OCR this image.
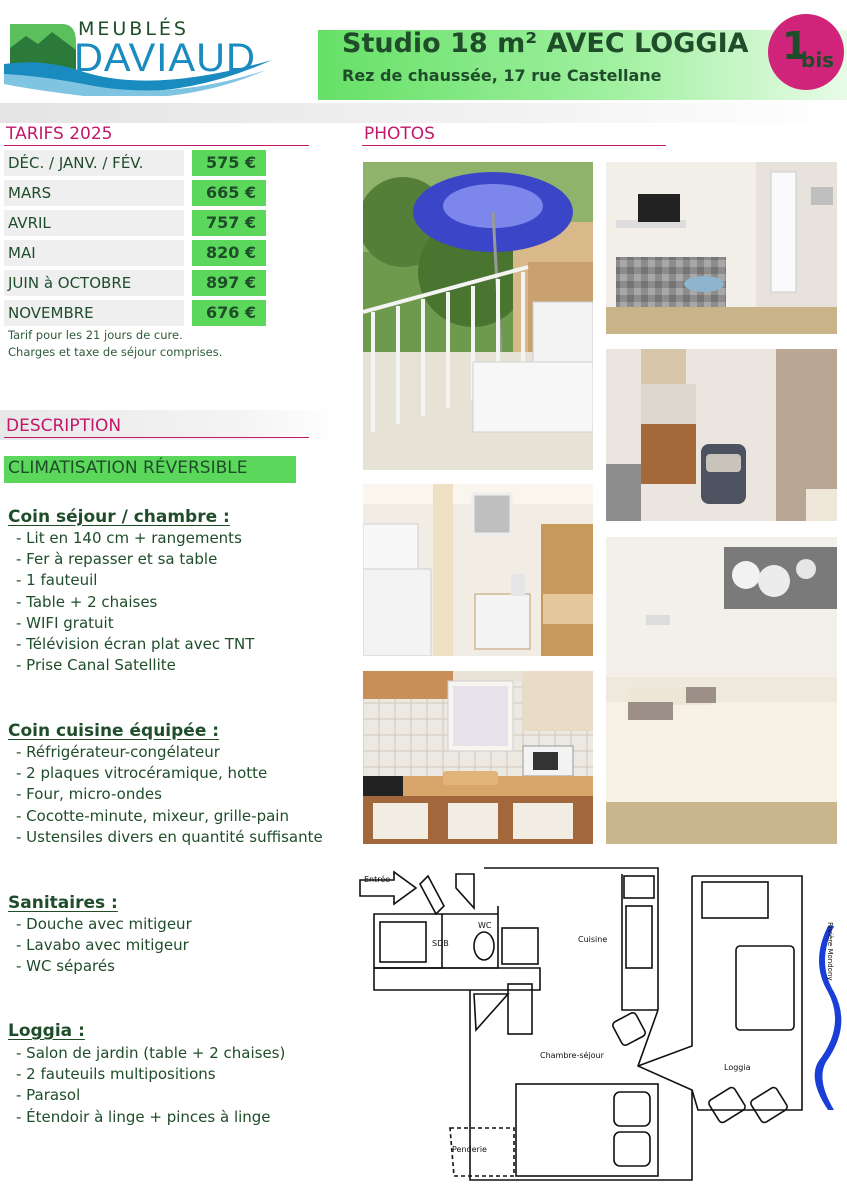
MEUBLÉS
DAVIAUD	Studio 18 m² AVEC LOGGIA
Rez de chaussée, 17 rue Castellane
1
bis
TARIFS 2025
DÉC. / JANV. / FÉV.	575 €
MARS	665 €
AVRIL	757 €
MAI	820 €
JUIN à OCTOBRE	897 €
NOVEMBRE	676 €
Tarif pour les 21 jours de cure.
Charges et taxe de séjour comprises.
DESCRIPTION
CLIMATISATION RÉVERSIBLE
Coin séjour / chambre :
- Lit en 140 cm + rangements
- Fer à repasser et sa table
- 1 fauteuil
- Table + 2 chaises
- WIFI gratuit
- Télévision écran plat avec TNT
- Prise Canal Satellite
Coin cuisine équipée :
- Réfrigérateur-congélateur
- 2 plaques vitrocéramique, hotte
- Four, micro-ondes
- Cocotte-minute, mixeur, grille-pain
- Ustensiles divers en quantité suffisante
Sanitaires :
- Douche avec mitigeur
- Lavabo avec mitigeur
- WC séparés
Loggia :
- Salon de jardin (table + 2 chaises)
- 2 fauteuils multipositions
- Parasol
- Étendoir à linge + pinces à linge
PHOTOS
Entrée
SDB
WC
Cuisine
Chambre-séjour
Loggia
Penderie
Rivière Mondony
